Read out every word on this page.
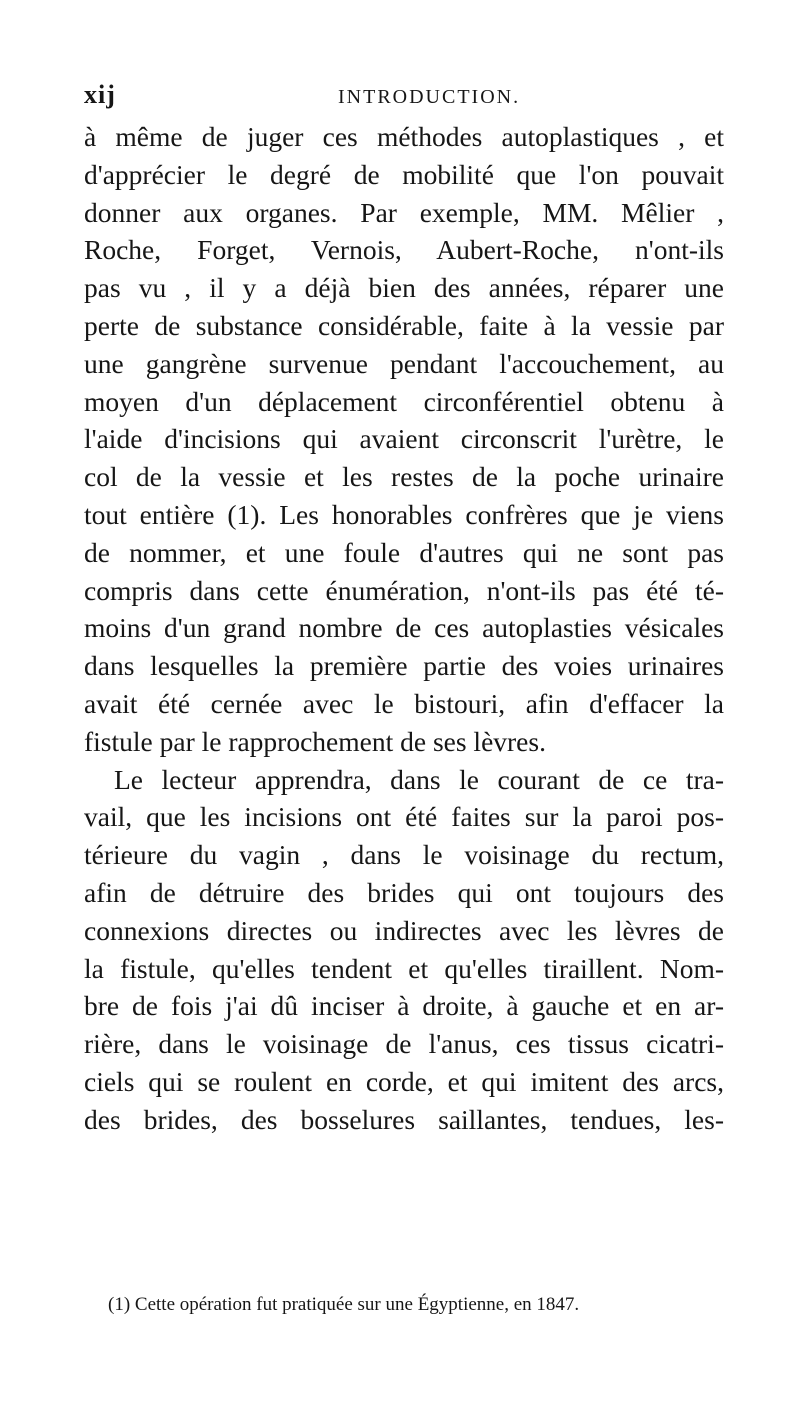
xij	INTRODUCTION.
à même de juger ces méthodes autoplastiques , et
d'apprécier le degré de mobilité que l'on pouvait
donner aux organes. Par exemple, MM. Mêlier ,
Roche, Forget, Vernois, Aubert-Roche, n'ont-ils
pas vu , il y a déjà bien des années, réparer une
perte de substance considérable, faite à la vessie par
une gangrène survenue pendant l'accouchement, au
moyen d'un déplacement circonférentiel obtenu à
l'aide d'incisions qui avaient circonscrit l'urètre, le
col de la vessie et les restes de la poche urinaire
tout entière (1). Les honorables confrères que je viens
de nommer, et une foule d'autres qui ne sont pas
compris dans cette énumération, n'ont-ils pas été té-
moins d'un grand nombre de ces autoplasties vésicales
dans lesquelles la première partie des voies urinaires
avait été cernée avec le bistouri, afin d'effacer la
fistule par le rapprochement de ses lèvres.
Le lecteur apprendra, dans le courant de ce tra-
vail, que les incisions ont été faites sur la paroi pos-
térieure du vagin , dans le voisinage du rectum,
afin de détruire des brides qui ont toujours des
connexions directes ou indirectes avec les lèvres de
la fistule, qu'elles tendent et qu'elles tiraillent. Nom-
bre de fois j'ai dû inciser à droite, à gauche et en ar-
rière, dans le voisinage de l'anus, ces tissus cicatri-
ciels qui se roulent en corde, et qui imitent des arcs,
des brides, des bosselures saillantes, tendues, les-
(1) Cette opération fut pratiquée sur une Égyptienne, en 1847.
